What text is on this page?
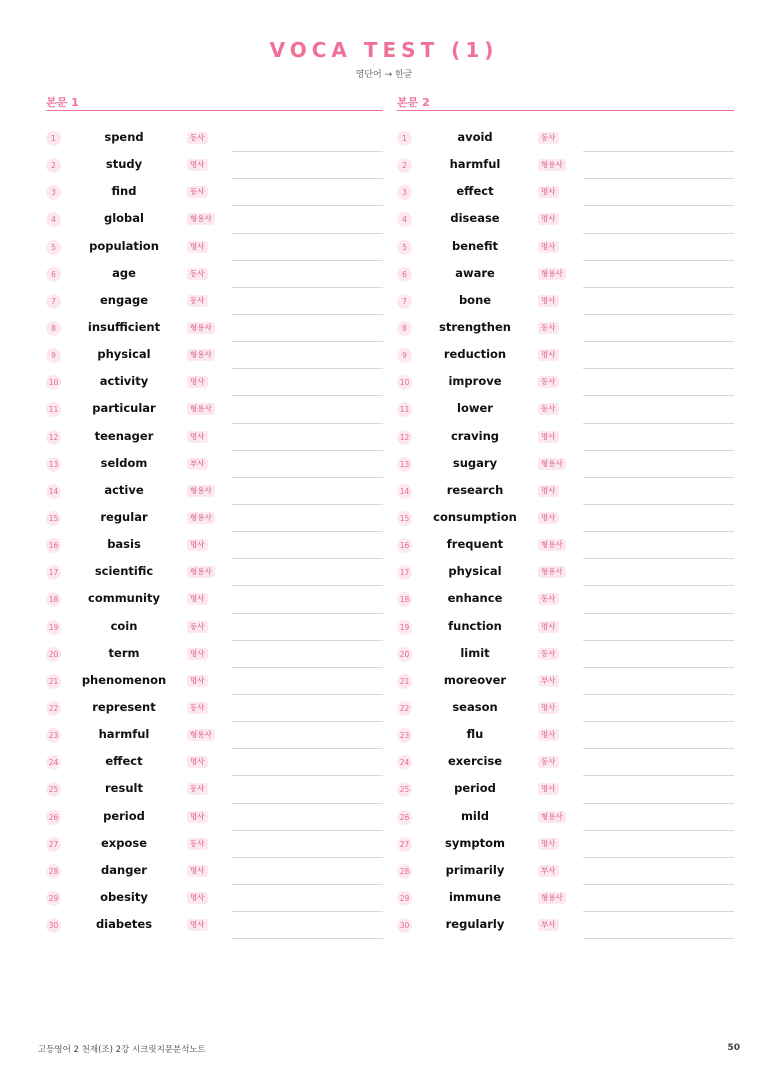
VOCA TEST (1)
영단어 → 한글
본문 1
1	spend	동사
2	study	명사
3	find	동사
4	global	형용사
5	population	명사
6	age	동사
7	engage	동사
8	insufficient	형용사
9	physical	형용사
10	activity	명사
11	particular	형용사
12	teenager	명사
13	seldom	부사
14	active	형용사
15	regular	형용사
16	basis	명사
17	scientific	형용사
18	community	명사
19	coin	동사
20	term	명사
21	phenomenon	명사
22	represent	동사
23	harmful	형용사
24	effect	명사
25	result	동사
26	period	명사
27	expose	동사
28	danger	명사
29	obesity	명사
30	diabetes	명사
본문 2
1	avoid	동사
2	harmful	형용사
3	effect	명사
4	disease	명사
5	benefit	명사
6	aware	형용사
7	bone	명사
8	strengthen	동사
9	reduction	명사
10	improve	동사
11	lower	동사
12	craving	명사
13	sugary	형용사
14	research	명사
15	consumption	명사
16	frequent	형용사
17	physical	형용사
18	enhance	동사
19	function	명사
20	limit	동사
21	moreover	부사
22	season	명사
23	flu	명사
24	exercise	동사
25	period	명사
26	mild	형용사
27	symptom	명사
28	primarily	부사
29	immune	형용사
30	regularly	부사
고등영어 2 천재(조) 2강 시크릿지문분석노트	50
